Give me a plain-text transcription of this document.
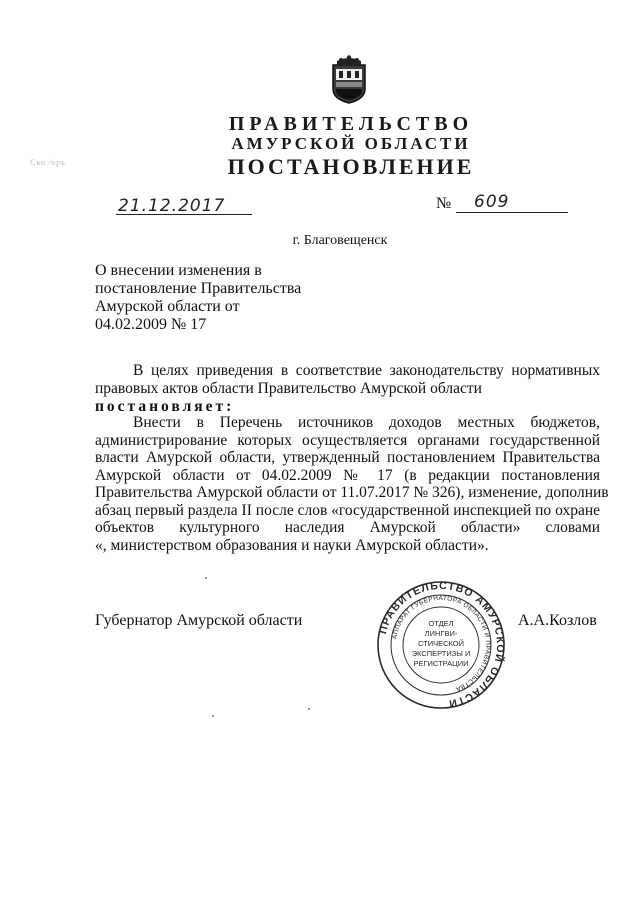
ПРАВИТЕЛЬСТВО
АМУРСКОЙ ОБЛАСТИ
ПОСТАНОВЛЕНИЕ
Ско ⁄орь
21.12.2017	№ 609
г. Благовещенск
О внесении изменения в
постановление Правительства
Амурской области от
04.02.2009 № 17
В целях приведения в соответствие законодательству нормативных
правовых актов области Правительство Амурской области
постановляет:
Внести в Перечень источников доходов местных бюджетов,
администрирование которых осуществляется органами государственной
власти Амурской области, утвержденный постановлением Правительства
Амурской области от 04.02.2009 № 17 (в редакции постановления
Правительства Амурской области от 11.07.2017 № 326), изменение, дополнив
абзац первый раздела II после слов «государственной инспекцией по охране
объектов культурного наследия Амурской области» словами
«, министерством образования и науки Амурской области».
Губернатор Амурской области	А.А.Козлов
ПРАВИТЕЛЬСТВО АМУРСКОЙ ОБЛАСТИ
АППАРАТ ГУБЕРНАТОРА ОБЛАСТИ И ПРАВИТЕЛЬСТВА
ОТДЕЛ
ЛИНГВИ-
СТИЧЕСКОЙ
ЭКСПЕРТИЗЫ И
РЕГИСТРАЦИИ
